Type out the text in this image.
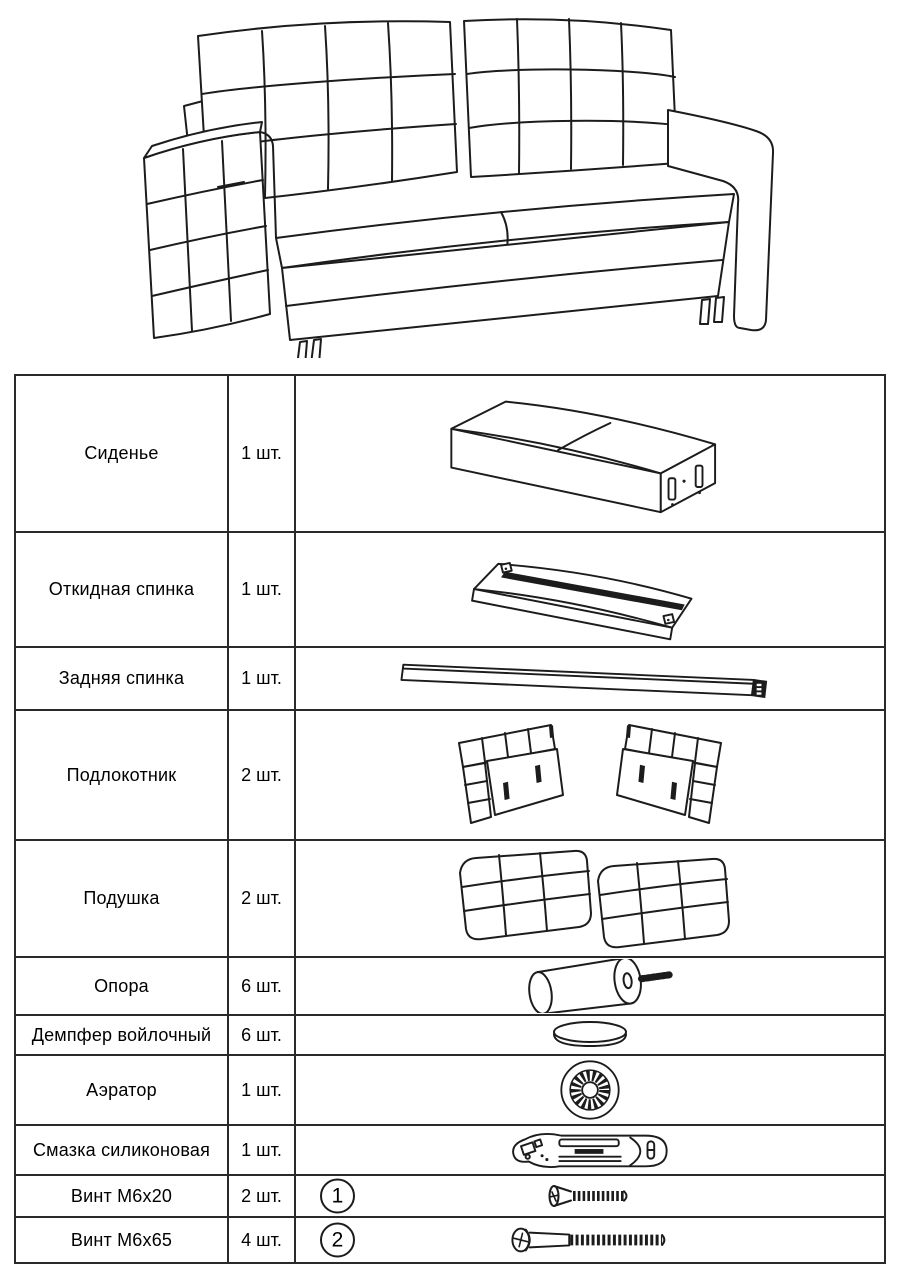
Сиденье	1 шт.	
Откидная спинка	1 шт.	
Задняя спинка	1 шт.	
Подлокотник	2 шт.	
Подушка	2 шт.	
Опора	6 шт.	
Демпфер войлочный	6 шт.	
Аэратор	1 шт.	
Смазка силиконовая	1 шт.	
Винт М6х20	2 шт.	1

Винт М6х65	4 шт.	2
